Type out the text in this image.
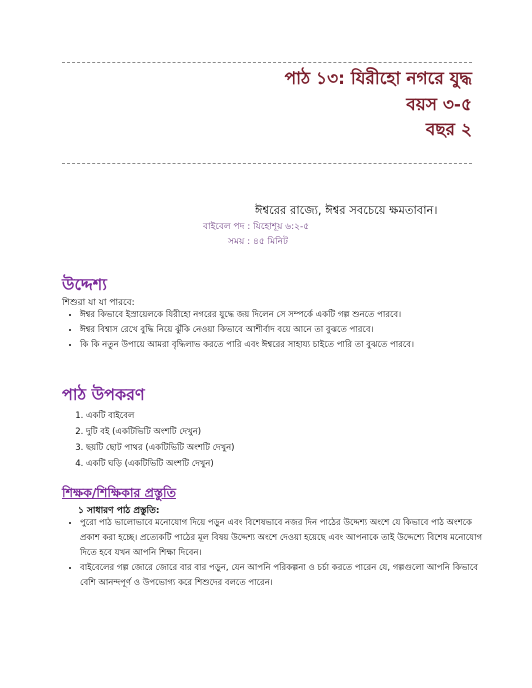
পাঠ ১৩: যিরীহো নগরে যুদ্ধ
বয়স ৩-৫
বছর ২
ঈশ্বরের রাজ্যে, ঈশ্বর সবচেয়ে ক্ষমতাবান।
বাইবেল পদ : যিহোশূয় ৬:২-৫
সময় : ৪৫ মিনিট
উদ্দেশ্য
শিশুরা যা যা পারবে:
• ঈশ্বর কিভাবে ইস্রায়েলকে যিরীহো নগরের যুদ্ধে জয় দিলেন সে সম্পর্কে একটি গল্প শুনতে পারবে।
• ঈশ্বর বিশ্বাস রেখে বুদ্ধি নিয়ে ঝুঁকি নেওয়া কিভাবে আশীর্বাদ বয়ে আনে তা বুঝতে পারবে।
• কি কি নতুন উপায়ে আমরা বৃদ্ধিলাভ করতে পারি এবং ঈশ্বরের সাহায্য চাইতে পারি তা বুঝতে পারবে।
পাঠ উপকরণ
1. একটি বাইবেল
2. দুটি বই (একটিভিটি অংশটি দেখুন)
3. ছয়টি ছোট পাথর (একটিভিটি অংশটি দেখুন)
4. একটি ঘড়ি (একটিভিটি অংশটি দেখুন)
শিক্ষক/শিক্ষিকার প্রস্তুতি
১ সাধারণ পাঠ প্রস্তুতি:
• পুরো পাঠ ভালোভাবে মনোযোগ দিয়ে পড়ুন এবং বিশেষভাবে নজর দিন পাঠের উদ্দেশ্য অংশে যে কিভাবে পাঠ অংশকে প্রকাশ করা হচ্ছে। প্রত্যেকটি পাঠের মূল বিষয় উদ্দেশ্য অংশে দেওয়া হয়েছে এবং আপনাকে তাই উদ্দেশ্যে বিশেষ মনোযোগ দিতে হবে যখন আপনি শিক্ষা দিবেন।
• বাইবেলের গল্প জোরে জোরে বার বার পড়ুন, যেন আপনি পরিকল্পনা ও চর্চা করতে পারেন যে, গল্পগুলো আপনি কিভাবে বেশি আনন্দপূর্ণ ও উপভোগ্য করে শিশুদের বলতে পারেন।
